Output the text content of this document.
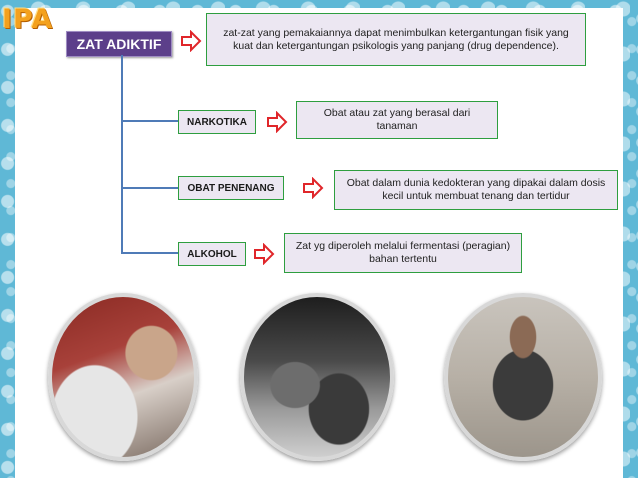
IPA
ZAT ADIKTIF
zat-zat yang pemakaiannya dapat menimbulkan ketergantungan fisik yang kuat dan ketergantungan psikologis yang panjang (drug dependence).
NARKOTIKA
Obat atau zat yang berasal dari tanaman
OBAT PENENANG	Obat dalam dunia kedokteran yang dipakai dalam dosis kecil untuk membuat tenang dan tertidur
ALKOHOL
Zat yg diperoleh melalui fermentasi (peragian) bahan tertentu
